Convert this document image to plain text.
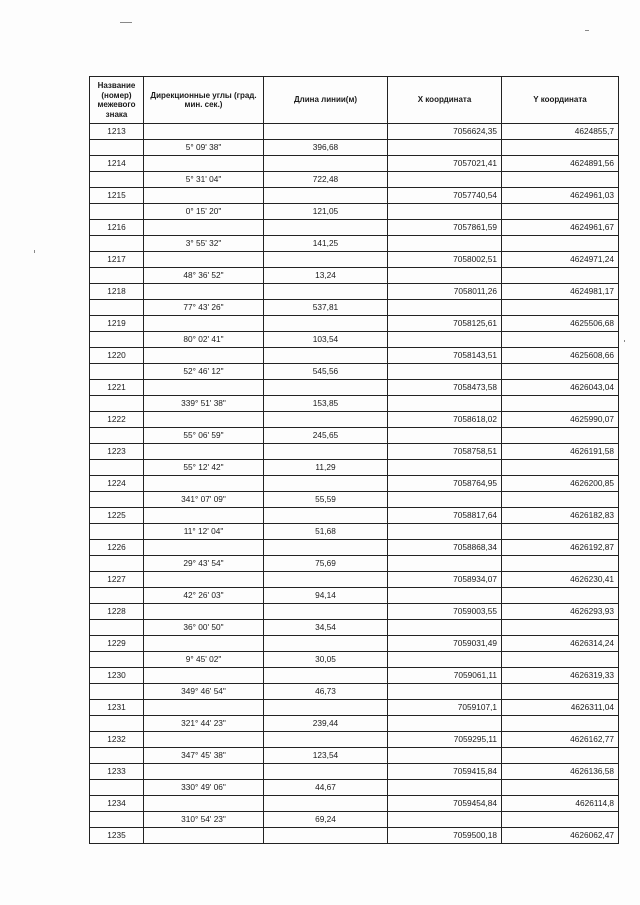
Название (номер) межевого знака	Дирекционные углы (град. мин. сек.)	Длина линии(м)	X координата	Y координата
1213			7056624,35	4624855,7
	5° 09' 38"	396,68		
1214			7057021,41	4624891,56
	5° 31' 04"	722,48		
1215			7057740,54	4624961,03
	0° 15' 20"	121,05		
1216			7057861,59	4624961,67
	3° 55' 32"	141,25		
1217			7058002,51	4624971,24
	48° 36' 52"	13,24		
1218			7058011,26	4624981,17
	77° 43' 26"	537,81		
1219			7058125,61	4625506,68
	80° 02' 41"	103,54		
1220			7058143,51	4625608,66
	52° 46' 12"	545,56		
1221			7058473,58	4626043,04
	339° 51' 38"	153,85		
1222			7058618,02	4625990,07
	55° 06' 59"	245,65		
1223			7058758,51	4626191,58
	55° 12' 42"	11,29		
1224			7058764,95	4626200,85
	341° 07' 09"	55,59		
1225			7058817,64	4626182,83
	11° 12' 04"	51,68		
1226			7058868,34	4626192,87
	29° 43' 54"	75,69		
1227			7058934,07	4626230,41
	42° 26' 03"	94,14		
1228			7059003,55	4626293,93
	36° 00' 50"	34,54		
1229			7059031,49	4626314,24
	9° 45' 02"	30,05		
1230			7059061,11	4626319,33
	349° 46' 54"	46,73		
1231			7059107,1	4626311,04
	321° 44' 23"	239,44		
1232			7059295,11	4626162,77
	347° 45' 38"	123,54		
1233			7059415,84	4626136,58
	330° 49' 06"	44,67		
1234			7059454,84	4626114,8
	310° 54' 23"	69,24		
1235			7059500,18	4626062,47
